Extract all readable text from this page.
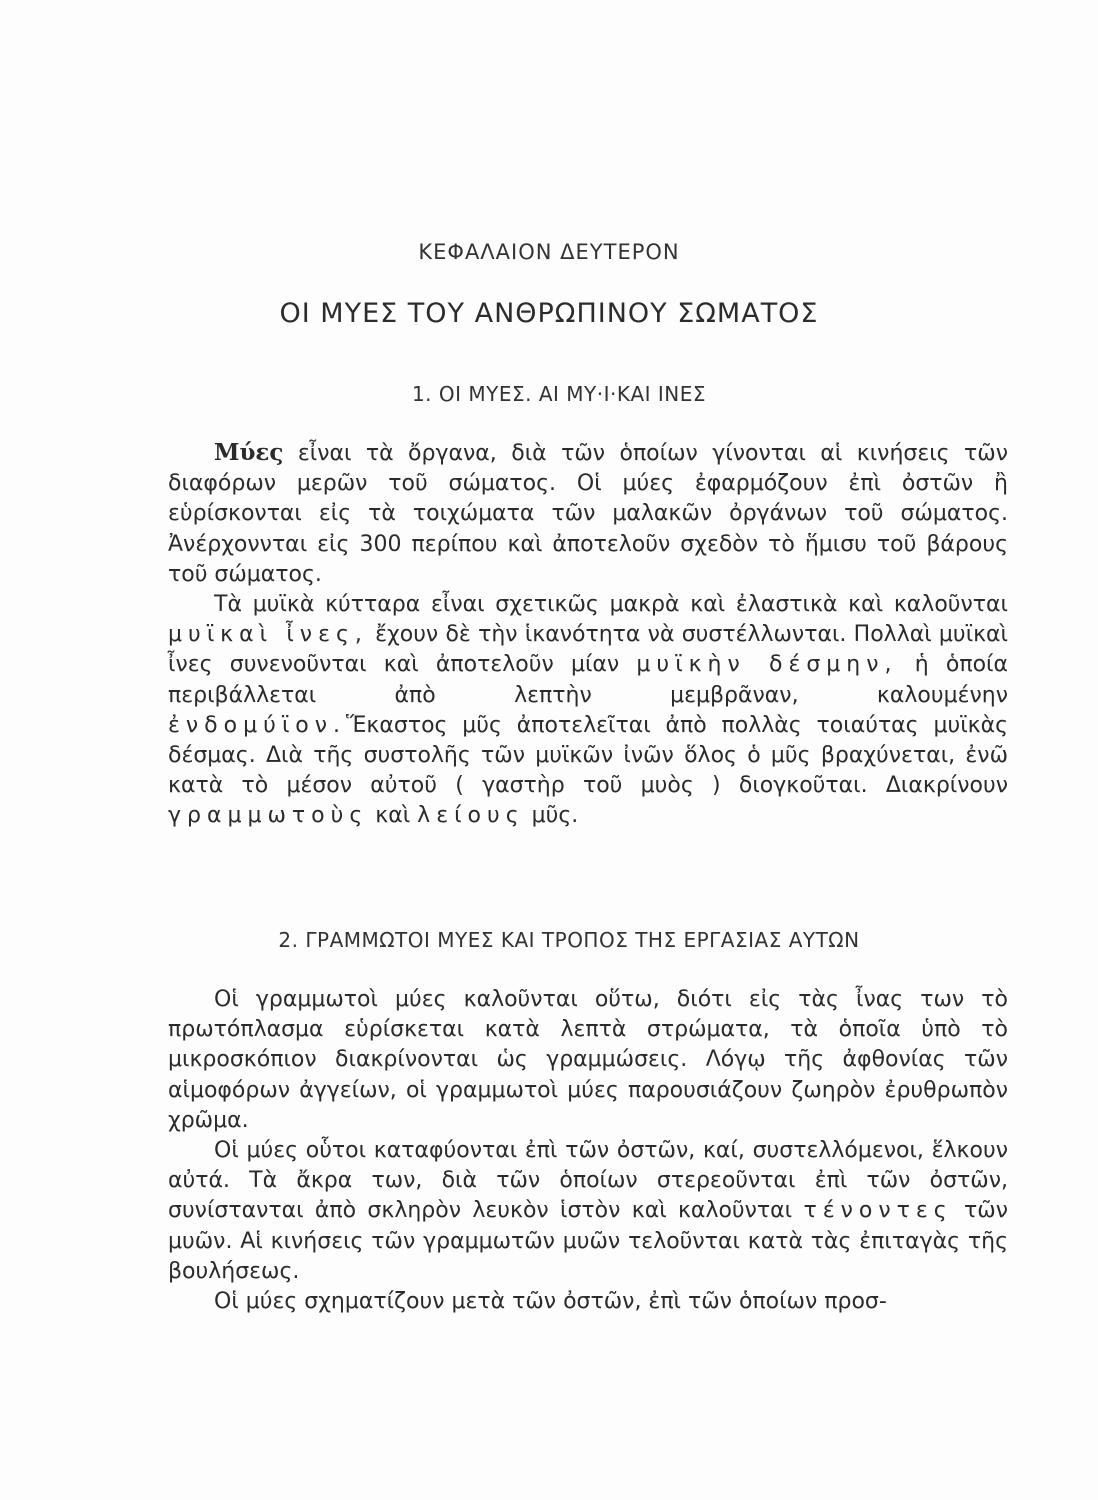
ΚΕΦΑΛΑΙΟΝ ΔΕΥΤΕΡΟΝ
ΟΙ ΜΥΕΣ ΤΟΥ ΑΝΘΡΩΠΙΝΟΥ ΣΩΜΑΤΟΣ
1. ΟΙ ΜΥΕΣ. ΑΙ ΜΥ·Ι·ΚΑΙ ΙΝΕΣ

Μύες εἶναι τὰ ὄργανα, διὰ τῶν ὁποίων γίνονται αἱ κινήσεις τῶν διαφόρων μερῶν τοῦ σώματος. Οἱ μύες ἐφαρμόζουν ἐπὶ ὀστῶν ἢ εὑρίσκονται εἰς τὰ τοιχώματα τῶν μαλακῶν ὀργάνων τοῦ σώματος. Ἀνέρχοννται εἰς 300 περίπου καὶ ἀποτελοῦν σχεδὸν τὸ ἥμισυ τοῦ βάρους τοῦ σώματος.

Τὰ μυϊκὰ κύτταρα εἶναι σχετικῶς μακρὰ καὶ ἐλαστικὰ καὶ καλοῦνται μυϊκαὶ ἶνες, ἔχουν δὲ τὴν ἱκανότητα νὰ συστέλλωνται. Πολλαὶ μυϊκαὶ ἶνες συνενοῦνται καὶ ἀποτελοῦν μίαν μυϊκὴν δέσμην, ἡ ὁποία περιβάλλεται ἀπὸ λεπτὴν μεμβρᾶναν, καλουμένην ἐνδομύϊον.Ἕκαστος μῦς ἀποτελεῖται ἀπὸ πολλὰς τοιαύτας μυϊκὰς δέσμας. Διὰ τῆς συστολῆς τῶν μυϊκῶν ἰνῶν ὅλος ὁ μῦς βραχύνεται, ἐνῶ κατὰ τὸ μέσον αὐτοῦ ( γαστὴρ τοῦ μυὸς ) διογκοῦται. Διακρίνουν γραμμωτοὺς καὶ λείους μῦς.

2. ΓΡΑΜΜΩΤΟΙ ΜΥΕΣ ΚΑΙ ΤΡΟΠΟΣ ΤΗΣ ΕΡΓΑΣΙΑΣ ΑΥΤΩΝ

Οἱ γραμμωτοὶ μύες καλοῦνται οὕτω, διότι εἰς τὰς ἶνας των τὸ πρωτόπλασμα εὑρίσκεται κατὰ λεπτὰ στρώματα, τὰ ὁποῖα ὑπὸ τὸ μικροσκόπιον διακρίνονται ὡς γραμμώσεις. Λόγῳ τῆς ἀφθονίας τῶν αἱμοφόρων ἀγγείων, οἱ γραμμωτοὶ μύες παρουσιάζουν ζωηρὸν ἐρυθρωπὸν χρῶμα.

Οἱ μύες οὗτοι καταφύονται ἐπὶ τῶν ὀστῶν, καί, συστελλόμενοι, ἕλκουν αὐτά. Τὰ ἄκρα των, διὰ τῶν ὁποίων στερεοῦνται ἐπὶ τῶν ὀστῶν, συνίστανται ἀπὸ σκληρὸν λευκὸν ἱστὸν καὶ καλοῦνται τένοντες τῶν μυῶν. Αἱ κινήσεις τῶν γραμμωτῶν μυῶν τελοῦνται κατὰ τὰς ἐπιταγὰς τῆς βουλήσεως.

Οἱ μύες σχηματίζουν μετὰ τῶν ὀστῶν, ἐπὶ τῶν ὁποίων προσ-
